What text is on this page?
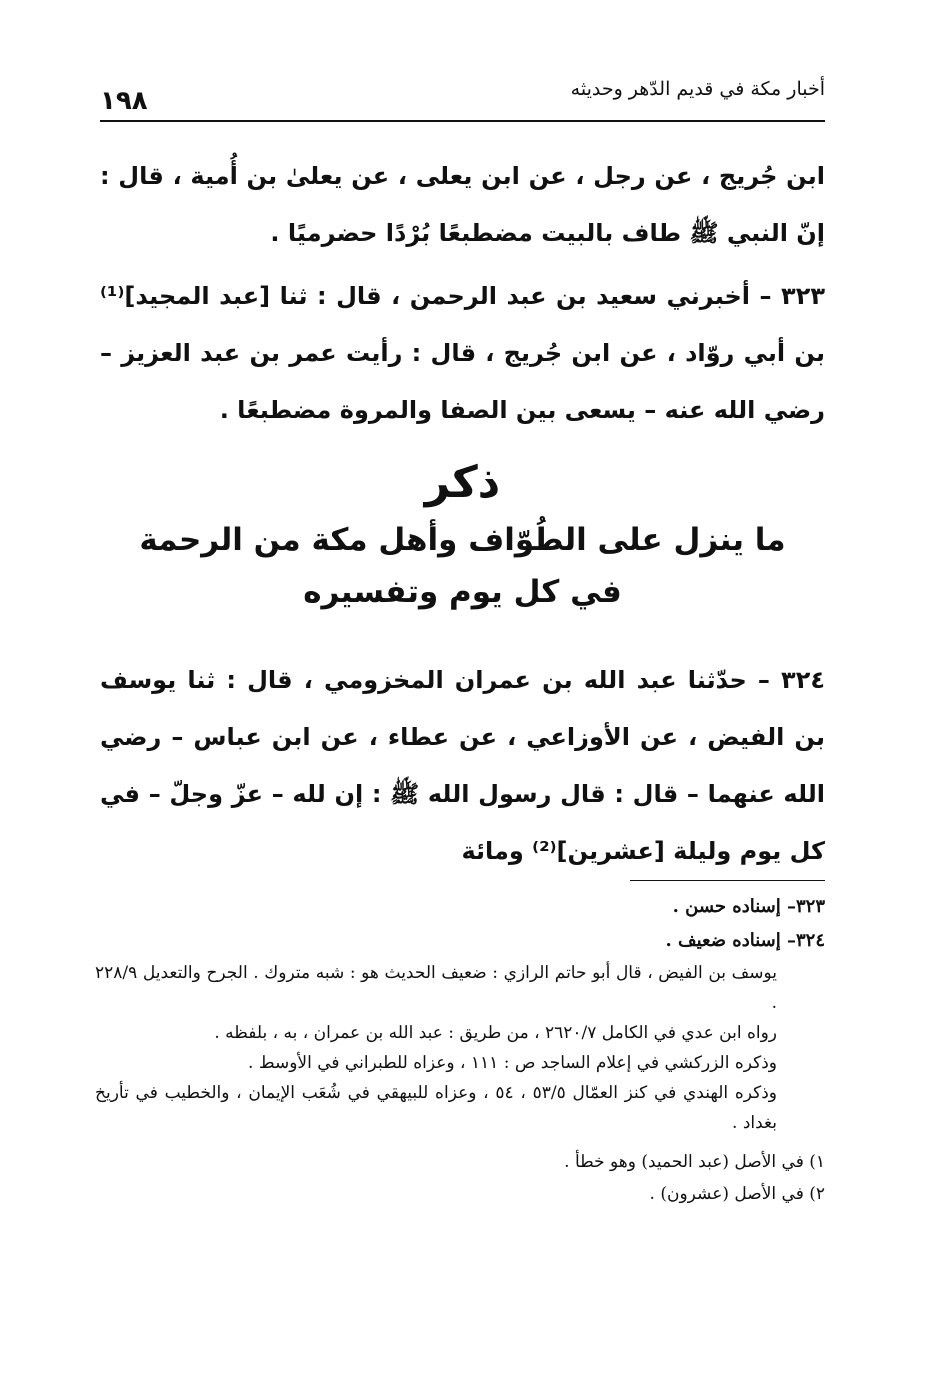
١٩٨	أخبار مكة في قديم الدّهر وحديثه
ابن جُريج ، عن رجل ، عن ابن يعلى ، عن يعلىٰ بن أُمية ، قال : إنّ النبي ﷺ طاف بالبيت مضطبعًا بُرْدًا حضرميًا .
٣٢٣ – أخبرني سعيد بن عبد الرحمن ، قال : ثنا [عبد المجيد]⁽¹⁾ بن أبي روّاد ، عن ابن جُريج ، قال : رأيت عمر بن عبد العزيز – رضي الله عنه – يسعى بين الصفا والمروة مضطبعًا .
ذكر
ما ينزل على الطُوّاف وأهل مكة من الرحمة
في كل يوم وتفسيره
٣٢٤ – حدّثنا عبد الله بن عمران المخزومي ، قال : ثنا يوسف بن الفيض ، عن الأوزاعي ، عن عطاء ، عن ابن عباس – رضي الله عنهما – قال : قال رسول الله ﷺ : إن لله – عزّ وجلّ – في كل يوم وليلة [عشرين]⁽²⁾ ومائة
٣٢٣– إسناده حسن .
٣٢٤– إسناده ضعيف .
يوسف بن الفيض ، قال أبو حاتم الرازي : ضعيف الحديث هو : شبه متروك . الجرح والتعديل ٢٢٨/٩ .
رواه ابن عدي في الكامل ٢٦٢٠/٧ ، من طريق : عبد الله بن عمران ، به ، بلفظه .
وذكره الزركشي في إعلام الساجد ص : ١١١ ، وعزاه للطبراني في الأوسط .
وذكره الهندي في كنز العمّال ٥٣/٥ ، ٥٤ ، وعزاه للبيهقي في شُعَب الإيمان ، والخطيب في تأريخ بغداد .
١) في الأصل (عبد الحميد) وهو خطأ .
٢) في الأصل (عشرون) .
